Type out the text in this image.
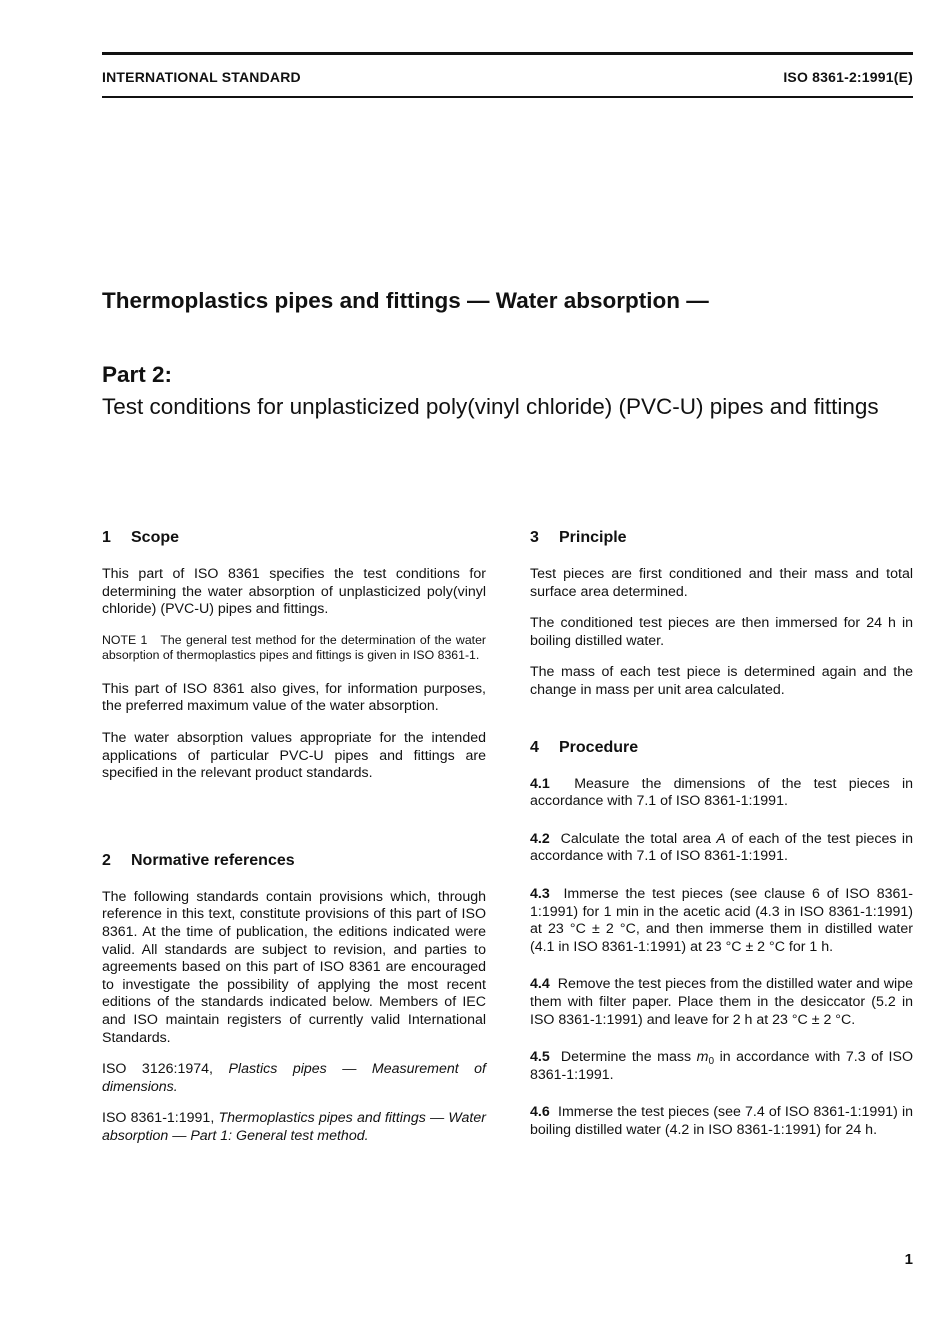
INTERNATIONAL STANDARD	ISO 8361-2:1991(E)
Thermoplastics pipes and fittings — Water absorption —
Part 2:
Test conditions for unplasticized poly(vinyl chloride) (PVC-U) pipes and fittings
1 Scope

This part of ISO 8361 specifies the test conditions for determining the water absorption of unplasticized poly(vinyl chloride) (PVC-U) pipes and fittings.

NOTE 1 The general test method for the determination of the water absorption of thermoplastics pipes and fittings is given in ISO 8361-1.

This part of ISO 8361 also gives, for information purposes, the preferred maximum value of the water absorption.

The water absorption values appropriate for the intended applications of particular PVC-U pipes and fittings are specified in the relevant product standards.

2 Normative references

The following standards contain provisions which, through reference in this text, constitute provisions of this part of ISO 8361. At the time of publication, the editions indicated were valid. All standards are subject to revision, and parties to agreements based on this part of ISO 8361 are encouraged to investigate the possibility of applying the most recent editions of the standards indicated below. Members of IEC and ISO maintain registers of currently valid International Standards.

ISO 3126:1974, Plastics pipes — Measurement of dimensions.

ISO 8361-1:1991, Thermoplastics pipes and fittings — Water absorption — Part 1: General test method.

3 Principle

Test pieces are first conditioned and their mass and total surface area determined.

The conditioned test pieces are then immersed for 24 h in boiling distilled water.

The mass of each test piece is determined again and the change in mass per unit area calculated.

4 Procedure

4.1 Measure the dimensions of the test pieces in accordance with 7.1 of ISO 8361-1:1991.

4.2 Calculate the total area A of each of the test pieces in accordance with 7.1 of ISO 8361-1:1991.

4.3 Immerse the test pieces (see clause 6 of ISO 8361-1:1991) for 1 min in the acetic acid (4.3 in ISO 8361-1:1991) at 23 °C ± 2 °C, and then immerse them in distilled water (4.1 in ISO 8361-1:1991) at 23 °C ± 2 °C for 1 h.

4.4 Remove the test pieces from the distilled water and wipe them with filter paper. Place them in the desiccator (5.2 in ISO 8361-1:1991) and leave for 2 h at 23 °C ± 2 °C.

4.5 Determine the mass $m_0$ in accordance with 7.3 of ISO 8361-1:1991.

4.6 Immerse the test pieces (see 7.4 of ISO 8361-1:1991) in boiling distilled water (4.2 in ISO 8361-1:1991) for 24 h.

1
